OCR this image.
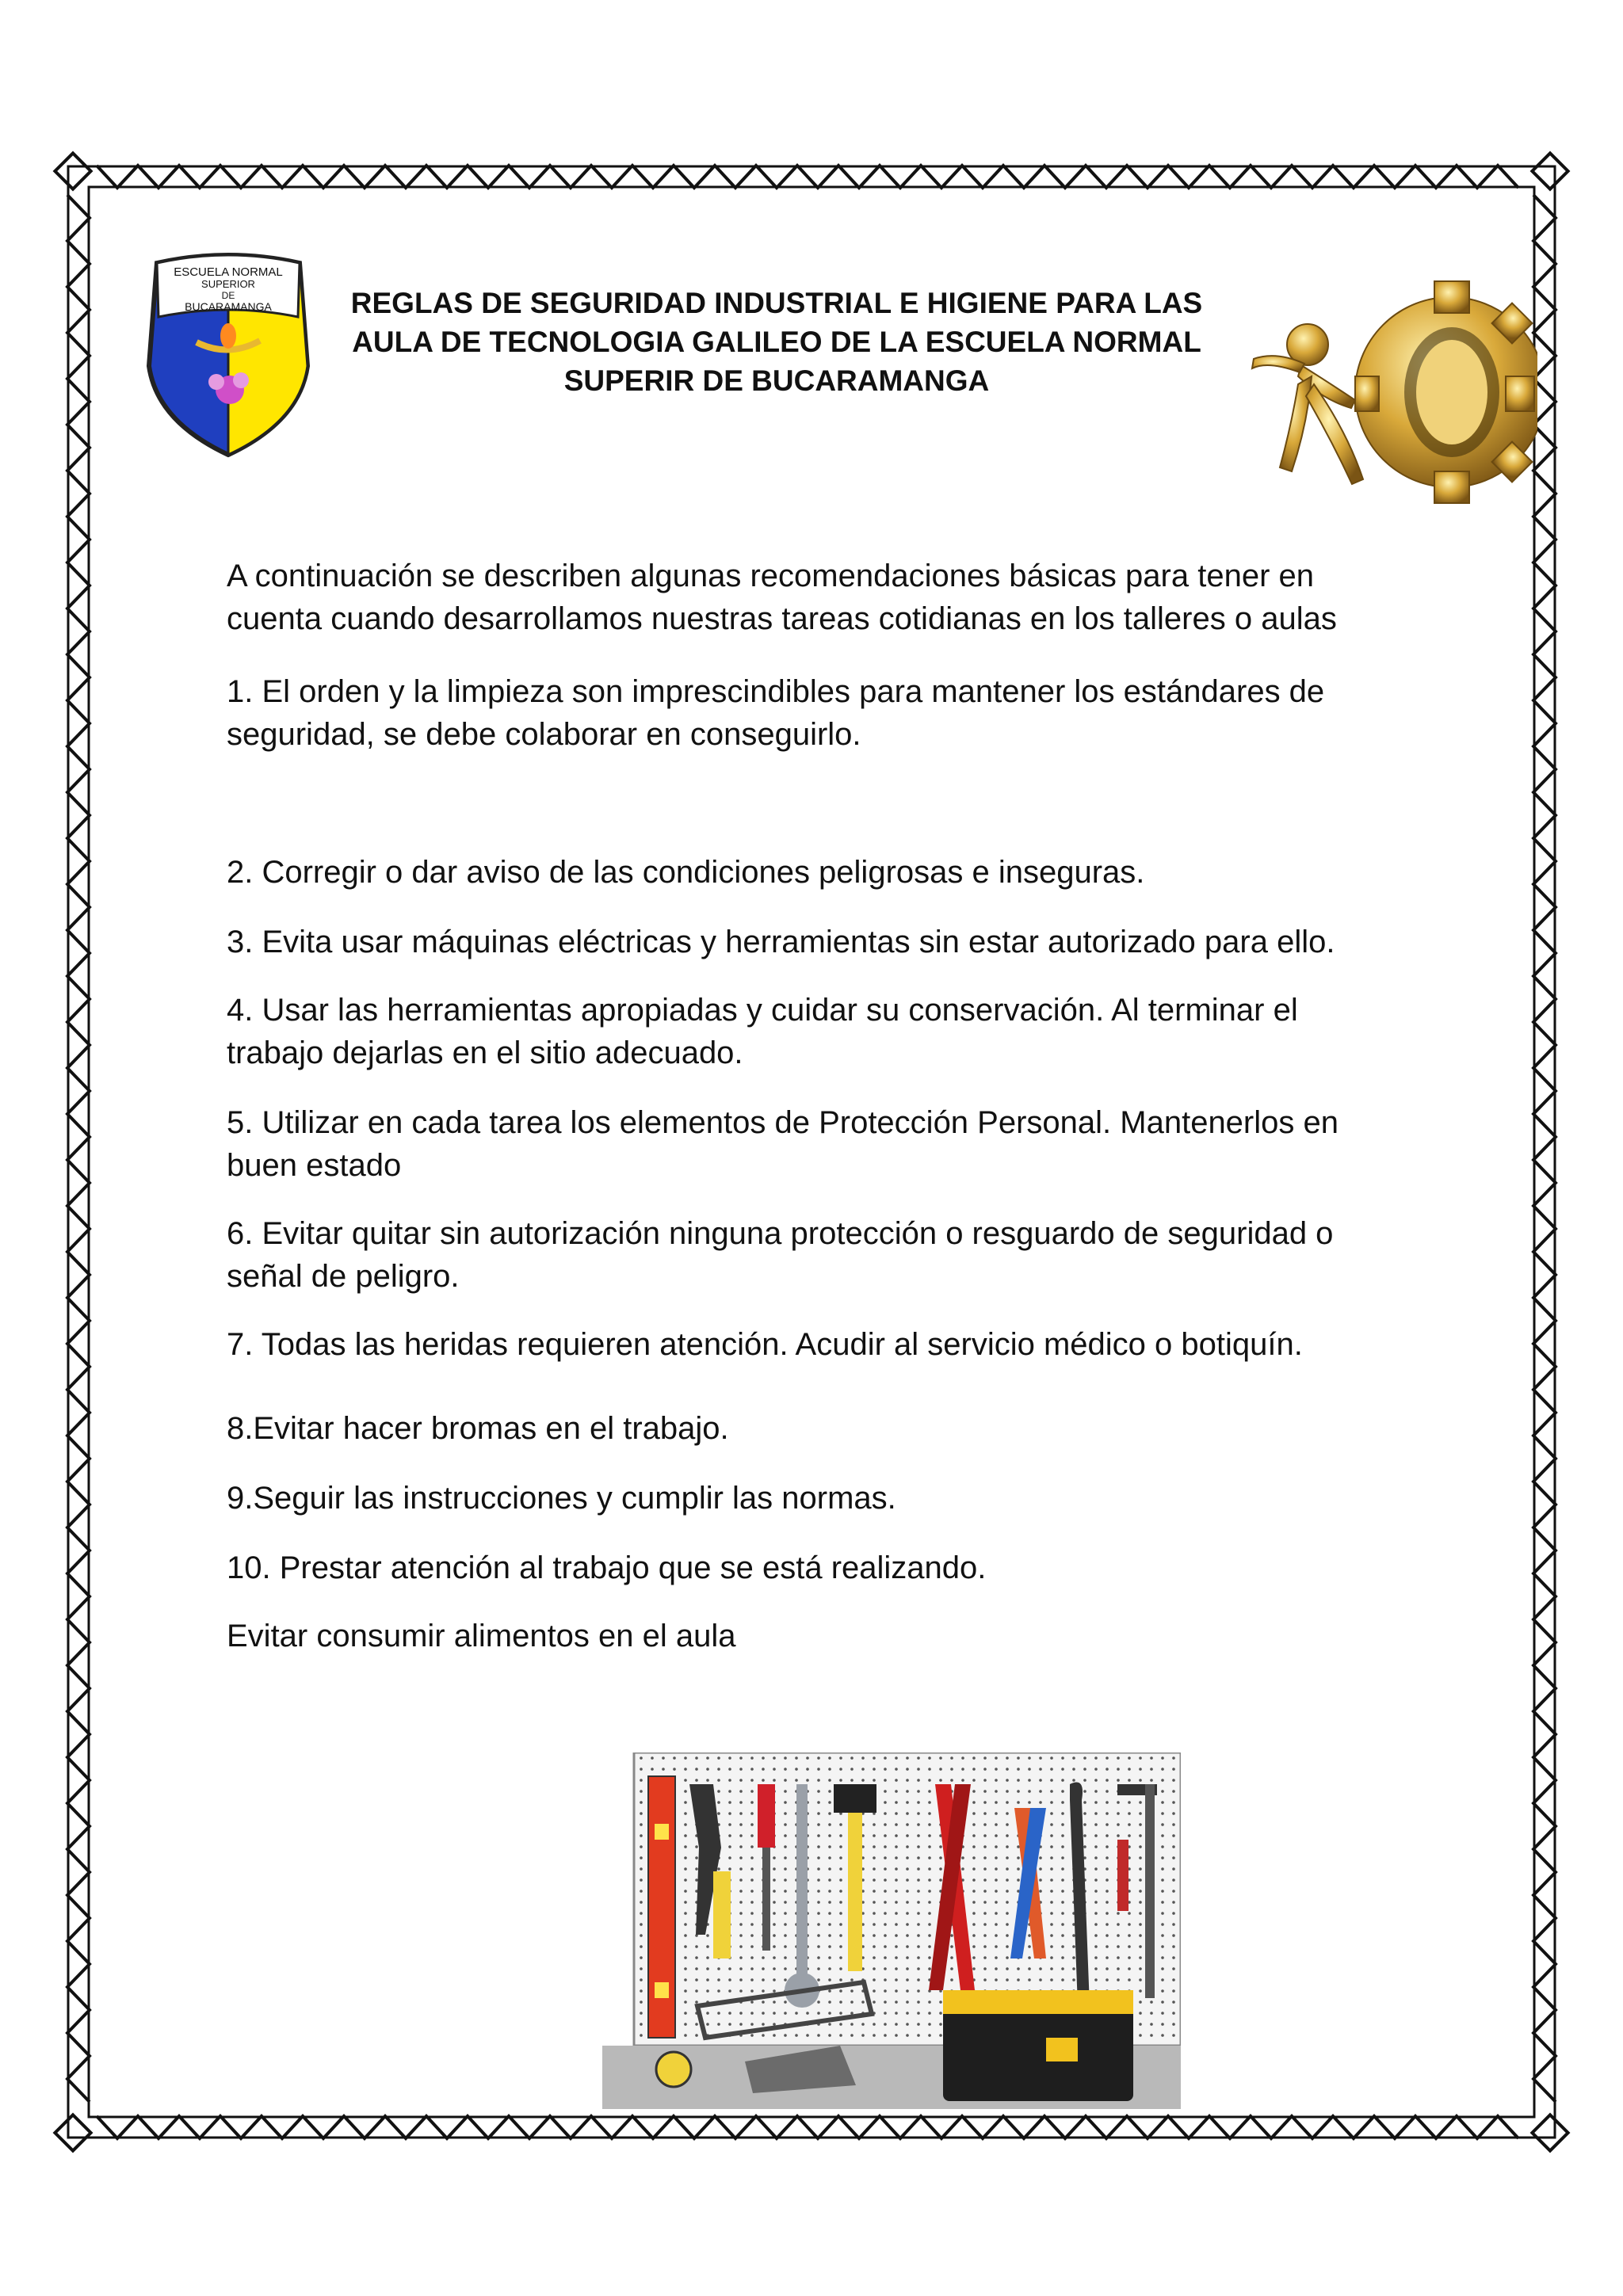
ESCUELA NORMAL
SUPERIOR
DE
BUCARAMANGA	REGLAS DE SEGURIDAD INDUSTRIAL E HIGIENE PARA LAS
AULA DE TECNOLOGIA GALILEO DE LA ESCUELA NORMAL
SUPERIR DE BUCARAMANGA
A continuación se describen algunas recomendaciones básicas para tener en
cuenta cuando desarrollamos nuestras tareas cotidianas en los talleres o aulas
1. El orden y la limpieza son imprescindibles para mantener los estándares de
seguridad, se debe colaborar en conseguirlo.
2. Corregir o dar aviso de las condiciones peligrosas e inseguras.
3. Evita usar máquinas eléctricas y herramientas sin estar autorizado para ello.
4. Usar las herramientas apropiadas y cuidar su conservación. Al terminar el
trabajo dejarlas en el sitio adecuado.
5. Utilizar en cada tarea los elementos de Protección Personal. Mantenerlos en
buen estado
6. Evitar quitar sin autorización ninguna protección o resguardo de seguridad o
señal de peligro.
7. Todas las heridas requieren atención. Acudir al servicio médico o botiquín.
8.Evitar hacer bromas en el trabajo.
9.Seguir las instrucciones y cumplir las normas.
10. Prestar atención al trabajo que se está realizando.
Evitar consumir alimentos en el aula
